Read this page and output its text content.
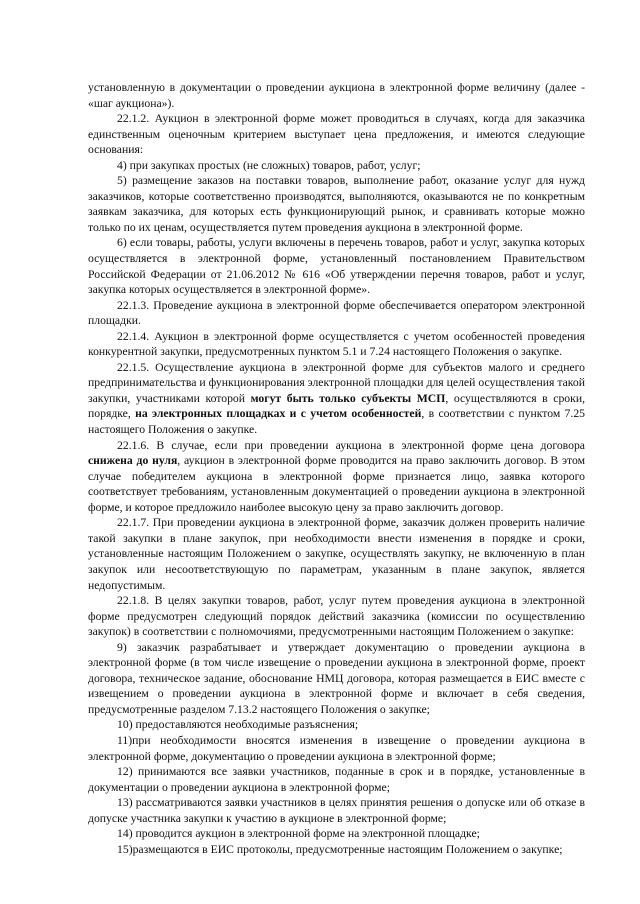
установленную в документации о проведении аукциона в электронной форме величину (далее - «шаг аукциона»).

22.1.2. Аукцион в электронной форме может проводиться в случаях, когда для заказчика единственным оценочным критерием выступает цена предложения, и имеются следующие основания:

4) при закупках простых (не сложных) товаров, работ, услуг;

5) размещение заказов на поставки товаров, выполнение работ, оказание услуг для нужд заказчиков, которые соответственно производятся, выполняются, оказываются не по конкретным заявкам заказчика, для которых есть функционирующий рынок, и сравнивать которые можно только по их ценам, осуществляется путем проведения аукциона в электронной форме.

6) если товары, работы, услуги включены в перечень товаров, работ и услуг, закупка которых осуществляется в электронной форме, установленный постановлением Правительством Российской Федерации от 21.06.2012 № 616 «Об утверждении перечня товаров, работ и услуг, закупка которых осуществляется в электронной форме».

22.1.3. Проведение аукциона в электронной форме обеспечивается оператором электронной площадки.

22.1.4. Аукцион в электронной форме осуществляется с учетом особенностей проведения конкурентной закупки, предусмотренных пунктом 5.1 и 7.24 настоящего Положения о закупке.

22.1.5. Осуществление аукциона в электронной форме для субъектов малого и среднего предпринимательства и функционирования электронной площадки для целей осуществления такой закупки, участниками которой могут быть только субъекты МСП, осуществляются в сроки, порядке, на электронных площадках и с учетом особенностей, в соответствии с пунктом 7.25 настоящего Положения о закупке.

22.1.6. В случае, если при проведении аукциона в электронной форме цена договора снижена до нуля, аукцион в электронной форме проводится на право заключить договор. В этом случае победителем аукциона в электронной форме признается лицо, заявка которого соответствует требованиям, установленным документацией о проведении аукциона в электронной форме, и которое предложило наиболее высокую цену за право заключить договор.

22.1.7. При проведении аукциона в электронной форме, заказчик должен проверить наличие такой закупки в плане закупок, при необходимости внести изменения в порядке и сроки, установленные настоящим Положением о закупке, осуществлять закупку, не включенную в план закупок или несоответствующую по параметрам, указанным в плане закупок, является недопустимым.

22.1.8. В целях закупки товаров, работ, услуг путем проведения аукциона в электронной форме предусмотрен следующий порядок действий заказчика (комиссии по осуществлению закупок) в соответствии с полномочиями, предусмотренными настоящим Положением о закупке:

9) заказчик разрабатывает и утверждает документацию о проведении аукциона в электронной форме (в том числе извещение о проведении аукциона в электронной форме, проект договора, техническое задание, обоснование НМЦ договора, которая размещается в ЕИС вместе с извещением о проведении аукциона в электронной форме и включает в себя сведения, предусмотренные разделом 7.13.2 настоящего Положения о закупке;

10) предоставляются необходимые разъяснения;

11)при необходимости вносятся изменения в извещение о проведении аукциона в электронной форме, документацию о проведении аукциона в электронной форме;

12) принимаются все заявки участников, поданные в срок и в порядке, установленные в документации о проведении аукциона в электронной форме;

13) рассматриваются заявки участников в целях принятия решения о допуске или об отказе в допуске участника закупки к участию в аукционе в электронной форме;

14) проводится аукцион в электронной форме на электронной площадке;

15)размещаются в ЕИС протоколы, предусмотренные настоящим Положением о закупке;
